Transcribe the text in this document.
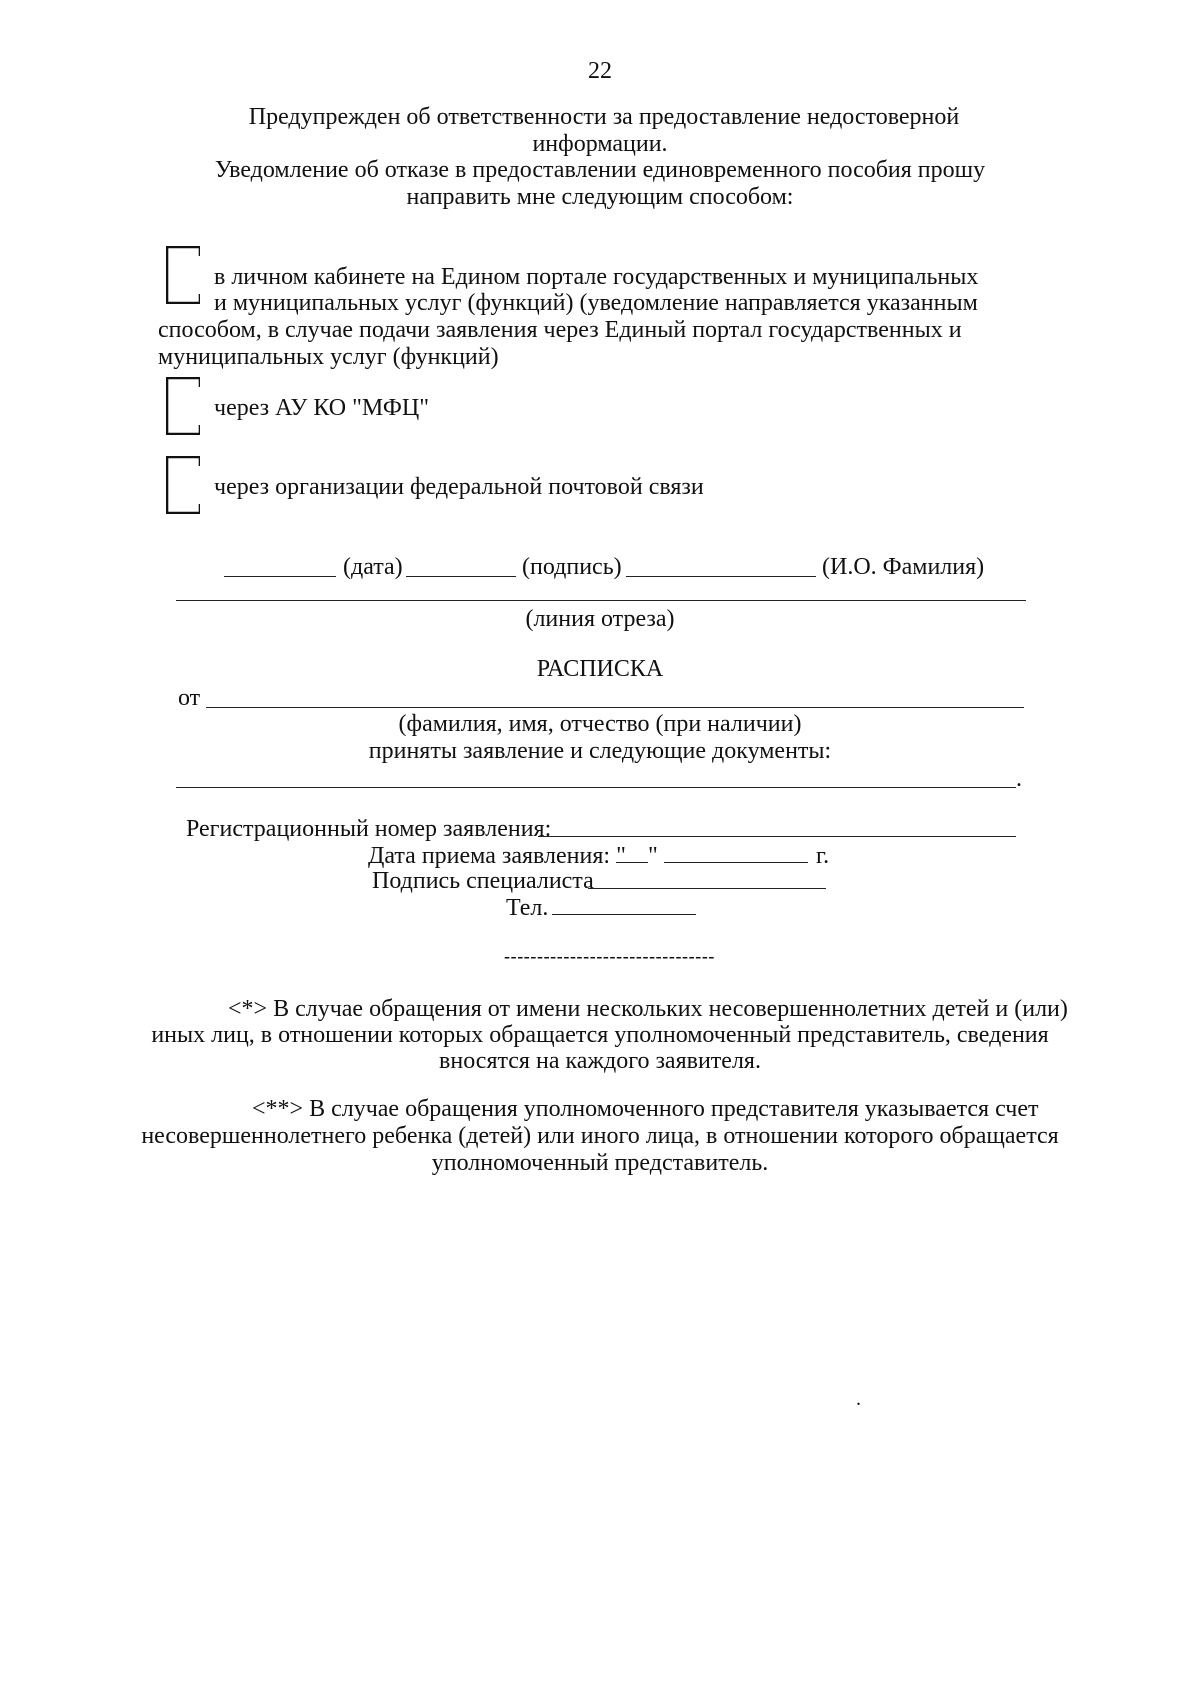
22
Предупрежден об ответственности за предоставление недостоверной
информации.
Уведомление об отказе в предоставлении единовременного пособия прошу
направить мне следующим способом:
в личном кабинете на Едином портале государственных и муниципальных
и муниципальных услуг (функций) (уведомление направляется указанным
способом, в случае подачи заявления через Единый портал государственных и
муниципальных услуг (функций)
через АУ КО "МФЦ"
через организации федеральной почтовой связи
(дата)	(подпись)	(И.О. Фамилия)
(линия отреза)
РАСПИСКА
от
(фамилия, имя, отчество (при наличии)
приняты заявление и следующие документы:
.
Регистрационный номер заявления:
Дата приема заявления: " "	г.
Подпись специалиста
Тел.
--------------------------------
<*> В случае обращения от имени нескольких несовершеннолетних детей и (или)
иных лиц, в отношении которых обращается уполномоченный представитель, сведения
вносятся на каждого заявителя.
<**> В случае обращения уполномоченного представителя указывается счет
несовершеннолетнего ребенка (детей) или иного лица, в отношении которого обращается
уполномоченный представитель.
.
